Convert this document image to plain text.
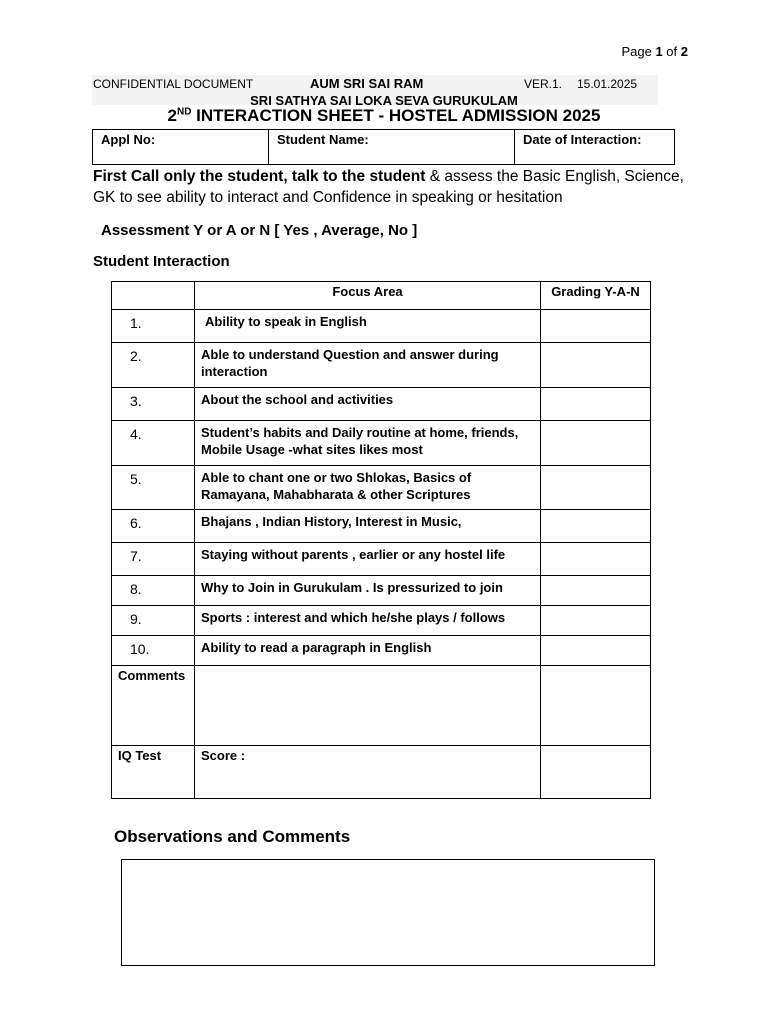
Page 1 of 2
CONFIDENTIAL DOCUMENT	AUM SRI SAI RAM	VER.1. 15.01.2025
SRI SATHYA SAI LOKA SEVA GURUKULAM
2ND INTERACTION SHEET - HOSTEL ADMISSION 2025
Appl No:	Student Name:	Date of Interaction:
First Call only the student, talk to the student & assess the Basic English, Science, GK to see ability to interact and Confidence in speaking or hesitation
Assessment Y or A or N [ Yes , Average, No ]
Student Interaction
	Focus Area	Grading Y-A-N
1.	Ability to speak in English	
2.	Able to understand Question and answer during interaction	
3.	About the school and activities	
4.	Student’s habits and Daily routine at home, friends, Mobile Usage -what sites likes most	
5.	Able to chant one or two Shlokas, Basics of Ramayana, Mahabharata & other Scriptures	
6.	Bhajans , Indian History, Interest in Music,	
7.	Staying without parents , earlier or any hostel life	
8.	Why to Join in Gurukulam . Is pressurized to join	
9.	Sports : interest and which he/she plays / follows	
10.	Ability to read a paragraph in English	
Comments		
IQ Test	Score :	
Observations and Comments
